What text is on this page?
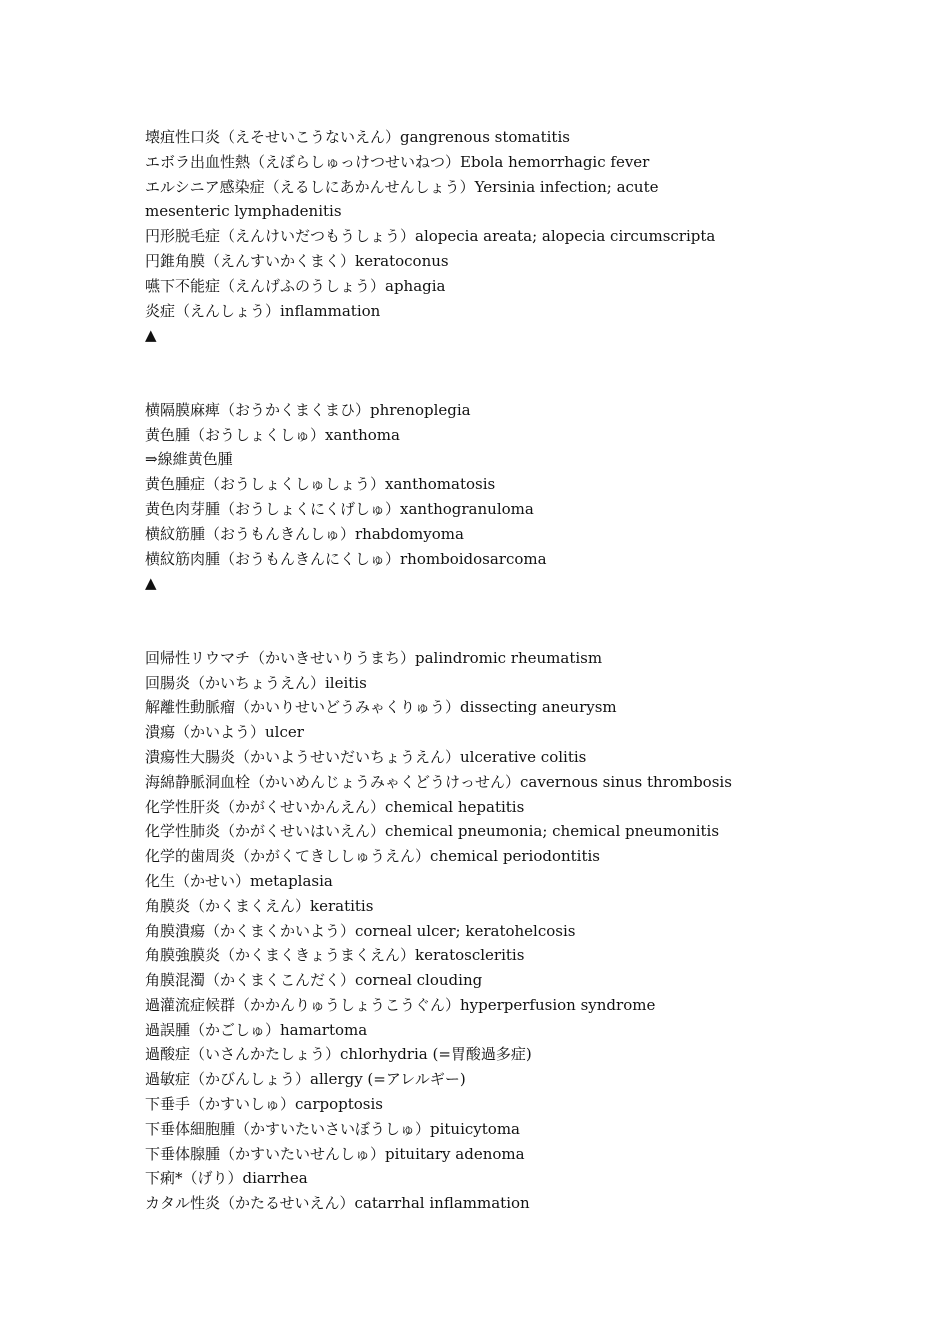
壊疽性口炎（えそせいこうないえん）gangrenous stomatitis
エボラ出血性熱（えぼらしゅっけつせいねつ）Ebola hemorrhagic fever
エルシニア感染症（えるしにあかんせんしょう）Yersinia infection; acute mesenteric lymphadenitis
円形脱毛症（えんけいだつもうしょう）alopecia areata; alopecia circumscripta
円錐角膜（えんすいかくまく）keratoconus
嚥下不能症（えんげふのうしょう）aphagia
炎症（えんしょう）inflammation
▲
横隔膜麻痺（おうかくまくまひ）phrenoplegia
黄色腫（おうしょくしゅ）xanthoma
⇒線維黄色腫
黄色腫症（おうしょくしゅしょう）xanthomatosis
黄色肉芽腫（おうしょくにくげしゅ）xanthogranuloma
横紋筋腫（おうもんきんしゅ）rhabdomyoma
横紋筋肉腫（おうもんきんにくしゅ）rhomboidosarcoma
▲
回帰性リウマチ（かいきせいりうまち）palindromic rheumatism
回腸炎（かいちょうえん）ileitis
解離性動脈瘤（かいりせいどうみゃくりゅう）dissecting aneurysm
潰瘍（かいよう）ulcer
潰瘍性大腸炎（かいようせいだいちょうえん）ulcerative colitis
海綿静脈洞血栓（かいめんじょうみゃくどうけっせん）cavernous sinus thrombosis
化学性肝炎（かがくせいかんえん）chemical hepatitis
化学性肺炎（かがくせいはいえん）chemical pneumonia; chemical pneumonitis
化学的歯周炎（かがくてきししゅうえん）chemical periodontitis
化生（かせい）metaplasia
角膜炎（かくまくえん）keratitis
角膜潰瘍（かくまくかいよう）corneal ulcer; keratohelcosis
角膜強膜炎（かくまくきょうまくえん）keratoscleritis
角膜混濁（かくまくこんだく）corneal clouding
過灌流症候群（かかんりゅうしょうこうぐん）hyperperfusion syndrome
過誤腫（かごしゅ）hamartoma
過酸症（いさんかたしょう）chlorhydria (=胃酸過多症)
過敏症（かびんしょう）allergy (=アレルギー)
下垂手（かすいしゅ）carpoptosis
下垂体細胞腫（かすいたいさいぼうしゅ）pituicytoma
下垂体腺腫（かすいたいせんしゅ）pituitary adenoma
下痢*（げり）diarrhea
カタル性炎（かたるせいえん）catarrhal inflammation
